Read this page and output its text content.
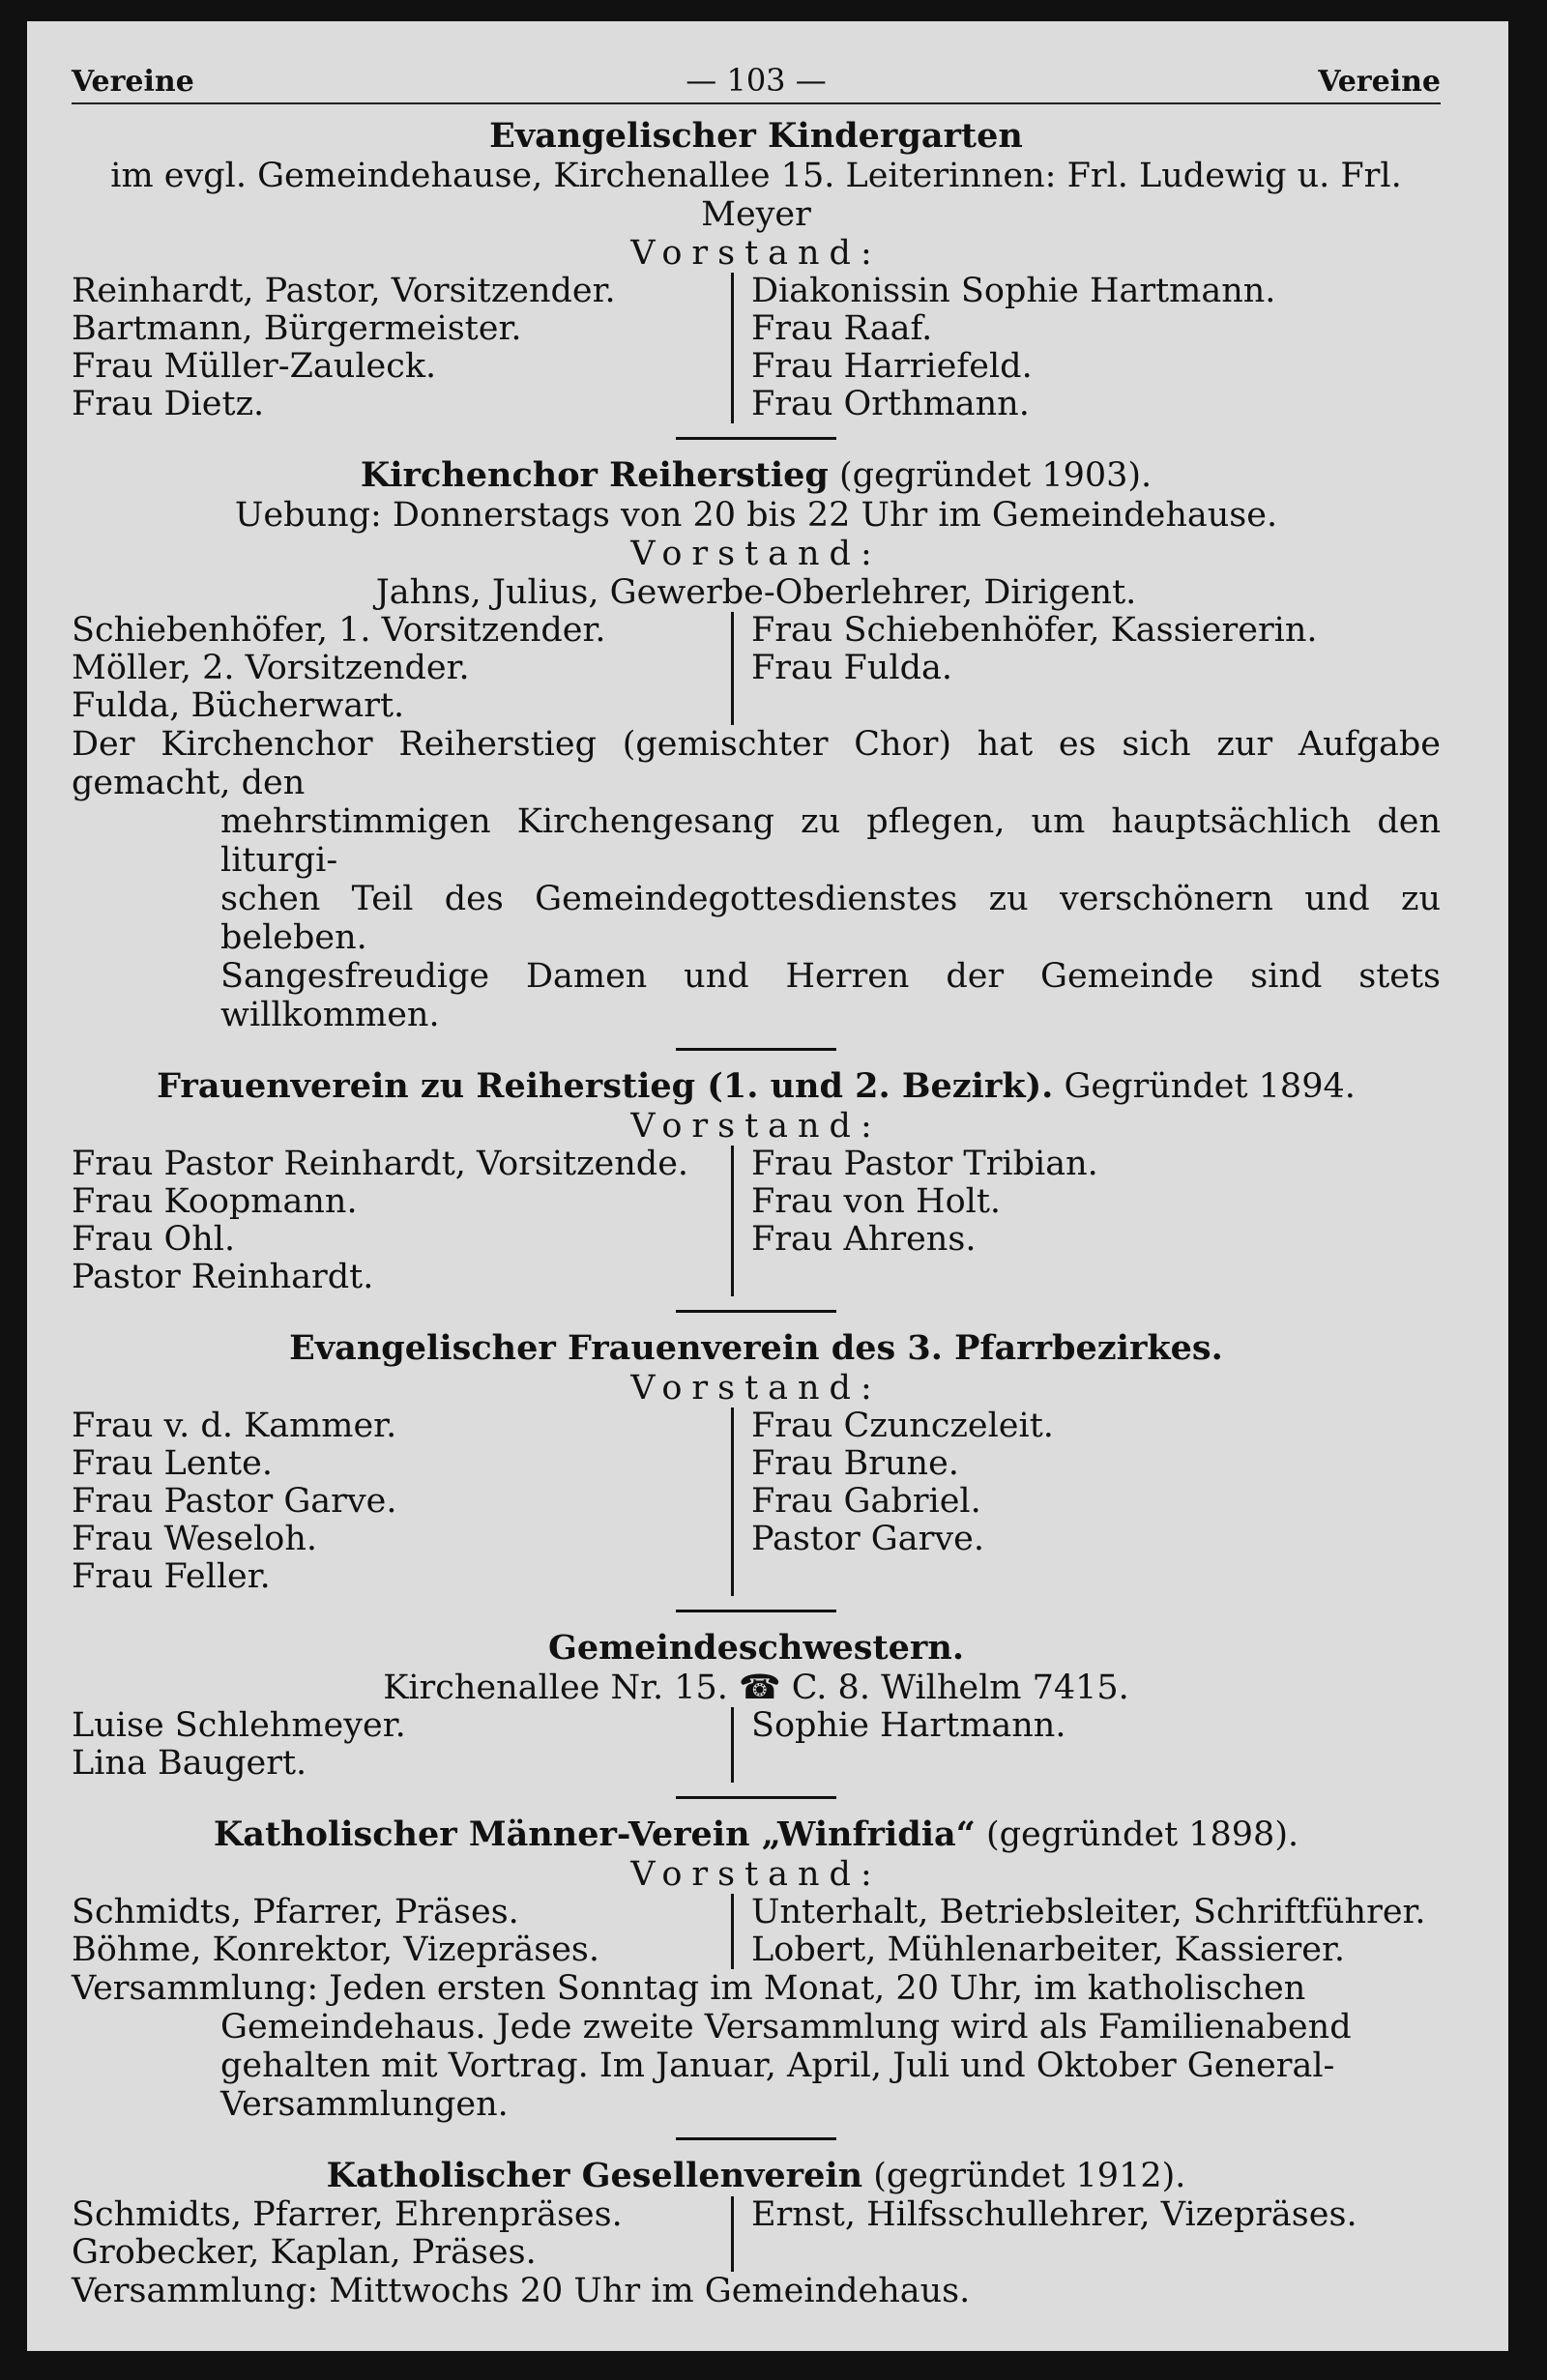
Vereine	— 103 —	Vereine
Evangelischer Kindergarten
im evgl. Gemeindehause, Kirchenallee 15. Leiterinnen: Frl. Ludewig u. Frl. Meyer
Vorstand:
Reinhardt, Pastor, Vorsitzender.
Bartmann, Bürgermeister.
Frau Müller-Zauleck.
Frau Dietz.
Diakonissin Sophie Hartmann.
Frau Raaf.
Frau Harriefeld.
Frau Orthmann.
Kirchenchor Reiherstieg (gegründet 1903).
Uebung: Donnerstags von 20 bis 22 Uhr im Gemeindehause.
Vorstand:
Jahns, Julius, Gewerbe-Oberlehrer, Dirigent.
Schiebenhöfer, 1. Vorsitzender.
Möller, 2. Vorsitzender.
Fulda, Bücherwart.
Frau Schiebenhöfer, Kassiererin.
Frau Fulda.

Der Kirchenchor Reiherstieg (gemischter Chor) hat es sich zur Aufgabe gemacht, den
mehrstimmigen Kirchengesang zu pflegen, um hauptsächlich den liturgi-
schen Teil des Gemeindegottesdienstes zu verschönern und zu beleben.
Sangesfreudige Damen und Herren der Gemeinde sind stets willkommen.
Frauenverein zu Reiherstieg (1. und 2. Bezirk). Gegründet 1894.
Vorstand:
Frau Pastor Reinhardt, Vorsitzende.
Frau Koopmann.
Frau Ohl.
Pastor Reinhardt.
Frau Pastor Tribian.
Frau von Holt.
Frau Ahrens.

Evangelischer Frauenverein des 3. Pfarrbezirkes.
Vorstand:
Frau v. d. Kammer.
Frau Lente.
Frau Pastor Garve.
Frau Weseloh.
Frau Feller.
Frau Czunczeleit.
Frau Brune.
Frau Gabriel.
Pastor Garve.

Gemeindeschwestern.
Kirchenallee Nr. 15. ☎ C. 8. Wilhelm 7415.
Luise Schlehmeyer.
Lina Baugert.
Sophie Hartmann.

Katholischer Männer-Verein „Winfridia“ (gegründet 1898).
Vorstand:
Schmidts, Pfarrer, Präses.
Böhme, Konrektor, Vizepräses.
Unterhalt, Betriebsleiter, Schriftführer.
Lobert, Mühlenarbeiter, Kassierer.
Versammlung: Jeden ersten Sonntag im Monat, 20 Uhr, im katholischen
Gemeindehaus. Jede zweite Versammlung wird als Familienabend
gehalten mit Vortrag. Im Januar, April, Juli und Oktober General-
Versammlungen.
Katholischer Gesellenverein (gegründet 1912).
Schmidts, Pfarrer, Ehrenpräses.
Grobecker, Kaplan, Präses.
Ernst, Hilfsschullehrer, Vizepräses.

Versammlung: Mittwochs 20 Uhr im Gemeindehaus.
